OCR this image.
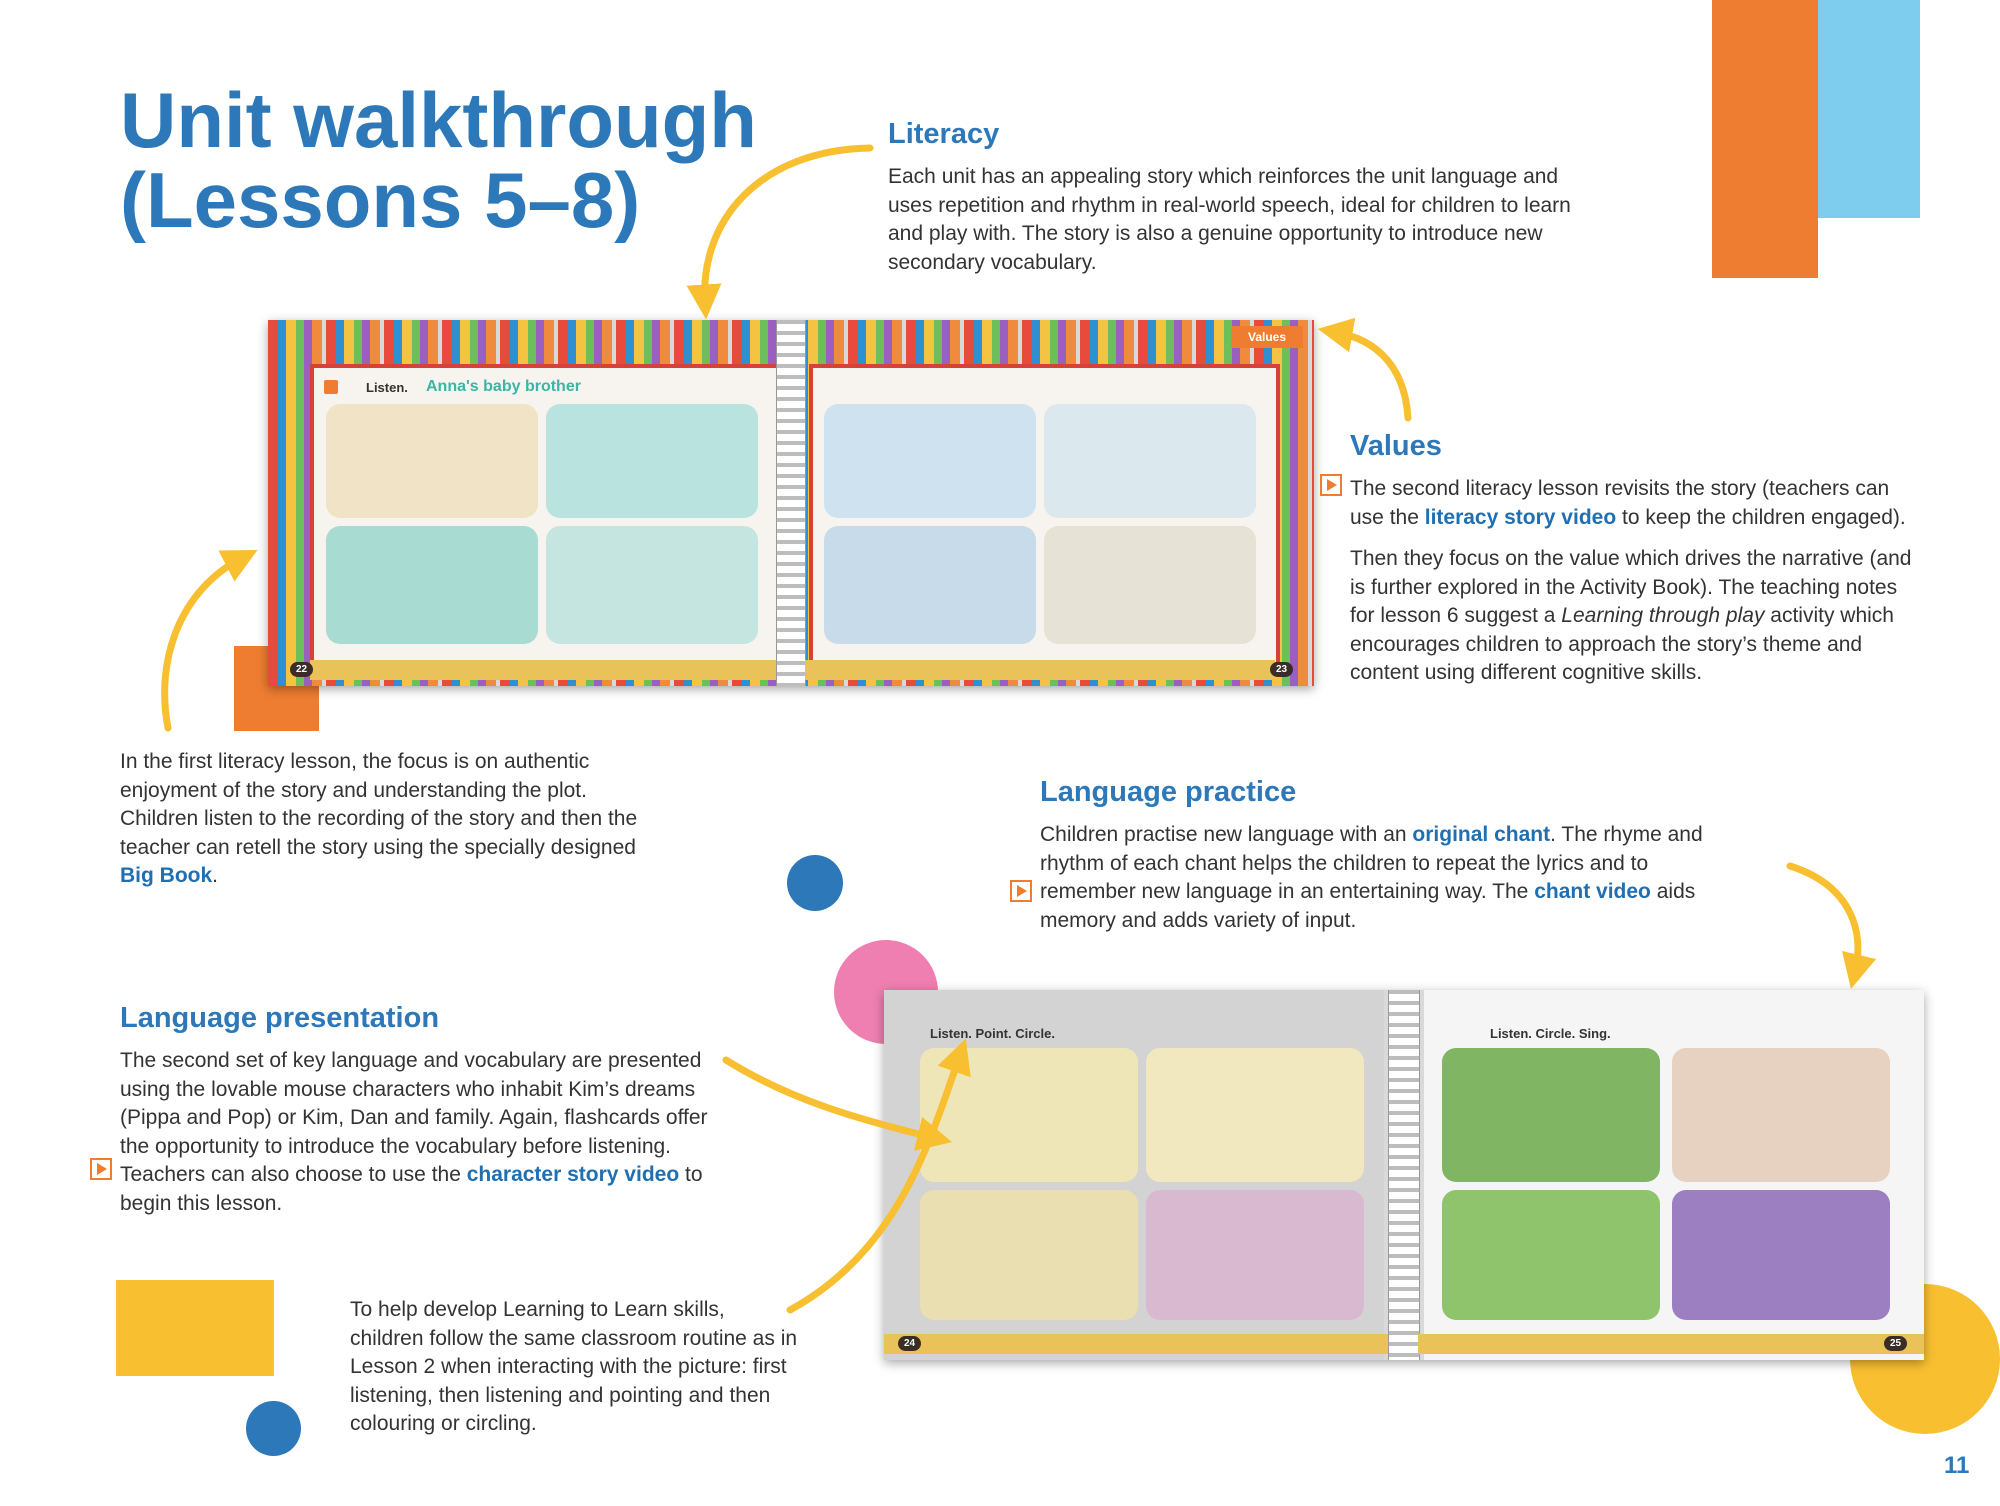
Unit walkthrough
(Lessons 5–8)
Literacy

Each unit has an appealing story which reinforces the unit language and uses repetition and rhythm in real-world speech, ideal for children to learn and play with. The story is also a genuine opportunity to introduce new secondary vocabulary.

Values
Listen. Anna's baby brother
22	23
Values

The second literacy lesson revisits the story (teachers can use the literacy story video to keep the children engaged).

Then they focus on the value which drives the narrative (and is further explored in the Activity Book). The teaching notes for lesson 6 suggest a Learning through play activity which encourages children to approach the story’s theme and content using different cognitive skills.

In the first literacy lesson, the focus is on authentic enjoyment of the story and understanding the plot. Children listen to the recording of the story and then the teacher can retell the story using the specially designed Big Book.

Language practice

Children practise new language with an original chant. The rhyme and rhythm of each chant helps the children to repeat the lyrics and to remember new language in an entertaining way. The chant video aids memory and adds variety of input.

Language presentation

The second set of key language and vocabulary are presented using the lovable mouse characters who inhabit Kim’s dreams (Pippa and Pop) or Kim, Dan and family. Again, flashcards offer the opportunity to introduce the vocabulary before listening. Teachers can also choose to use the character story video to begin this lesson.

To help develop Learning to Learn skills, children follow the same classroom routine as in Lesson 2 when interacting with the picture: first listening, then listening and pointing and then colouring or circling.

Listen. Point. Circle.	Listen. Circle. Sing.
24	25
11
